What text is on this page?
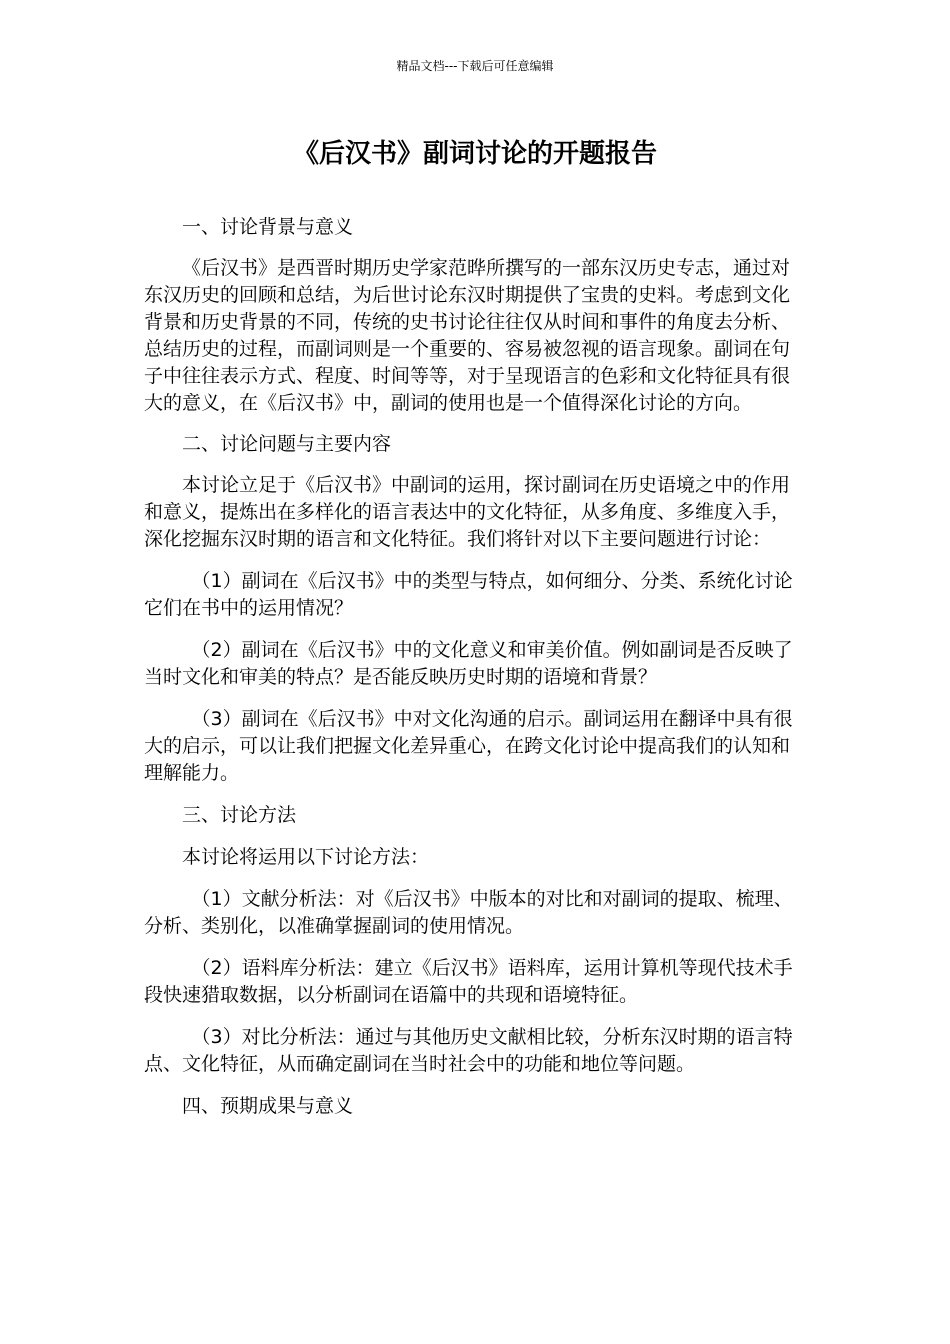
精品文档---下载后可任意编辑
《后汉书》副词讨论的开题报告

一、讨论背景与意义

《后汉书》是西晋时期历史学家范晔所撰写的一部东汉历史专志，通过对东汉历史的回顾和总结，为后世讨论东汉时期提供了宝贵的史料。考虑到文化背景和历史背景的不同，传统的史书讨论往往仅从时间和事件的角度去分析、总结历史的过程，而副词则是一个重要的、容易被忽视的语言现象。副词在句子中往往表示方式、程度、时间等等，对于呈现语言的色彩和文化特征具有很大的意义，在《后汉书》中，副词的使用也是一个值得深化讨论的方向。

二、讨论问题与主要内容

本讨论立足于《后汉书》中副词的运用，探讨副词在历史语境之中的作用和意义，提炼出在多样化的语言表达中的文化特征，从多角度、多维度入手，深化挖掘东汉时期的语言和文化特征。我们将针对以下主要问题进行讨论：

（1）副词在《后汉书》中的类型与特点，如何细分、分类、系统化讨论它们在书中的运用情况？

（2）副词在《后汉书》中的文化意义和审美价值。例如副词是否反映了当时文化和审美的特点？是否能反映历史时期的语境和背景？

（3）副词在《后汉书》中对文化沟通的启示。副词运用在翻译中具有很大的启示，可以让我们把握文化差异重心，在跨文化讨论中提高我们的认知和理解能力。

三、讨论方法

本讨论将运用以下讨论方法：

（1）文献分析法：对《后汉书》中版本的对比和对副词的提取、梳理、分析、类别化，以准确掌握副词的使用情况。

（2）语料库分析法：建立《后汉书》语料库，运用计算机等现代技术手段快速猎取数据，以分析副词在语篇中的共现和语境特征。

（3）对比分析法：通过与其他历史文献相比较，分析东汉时期的语言特点、文化特征，从而确定副词在当时社会中的功能和地位等问题。

四、预期成果与意义
